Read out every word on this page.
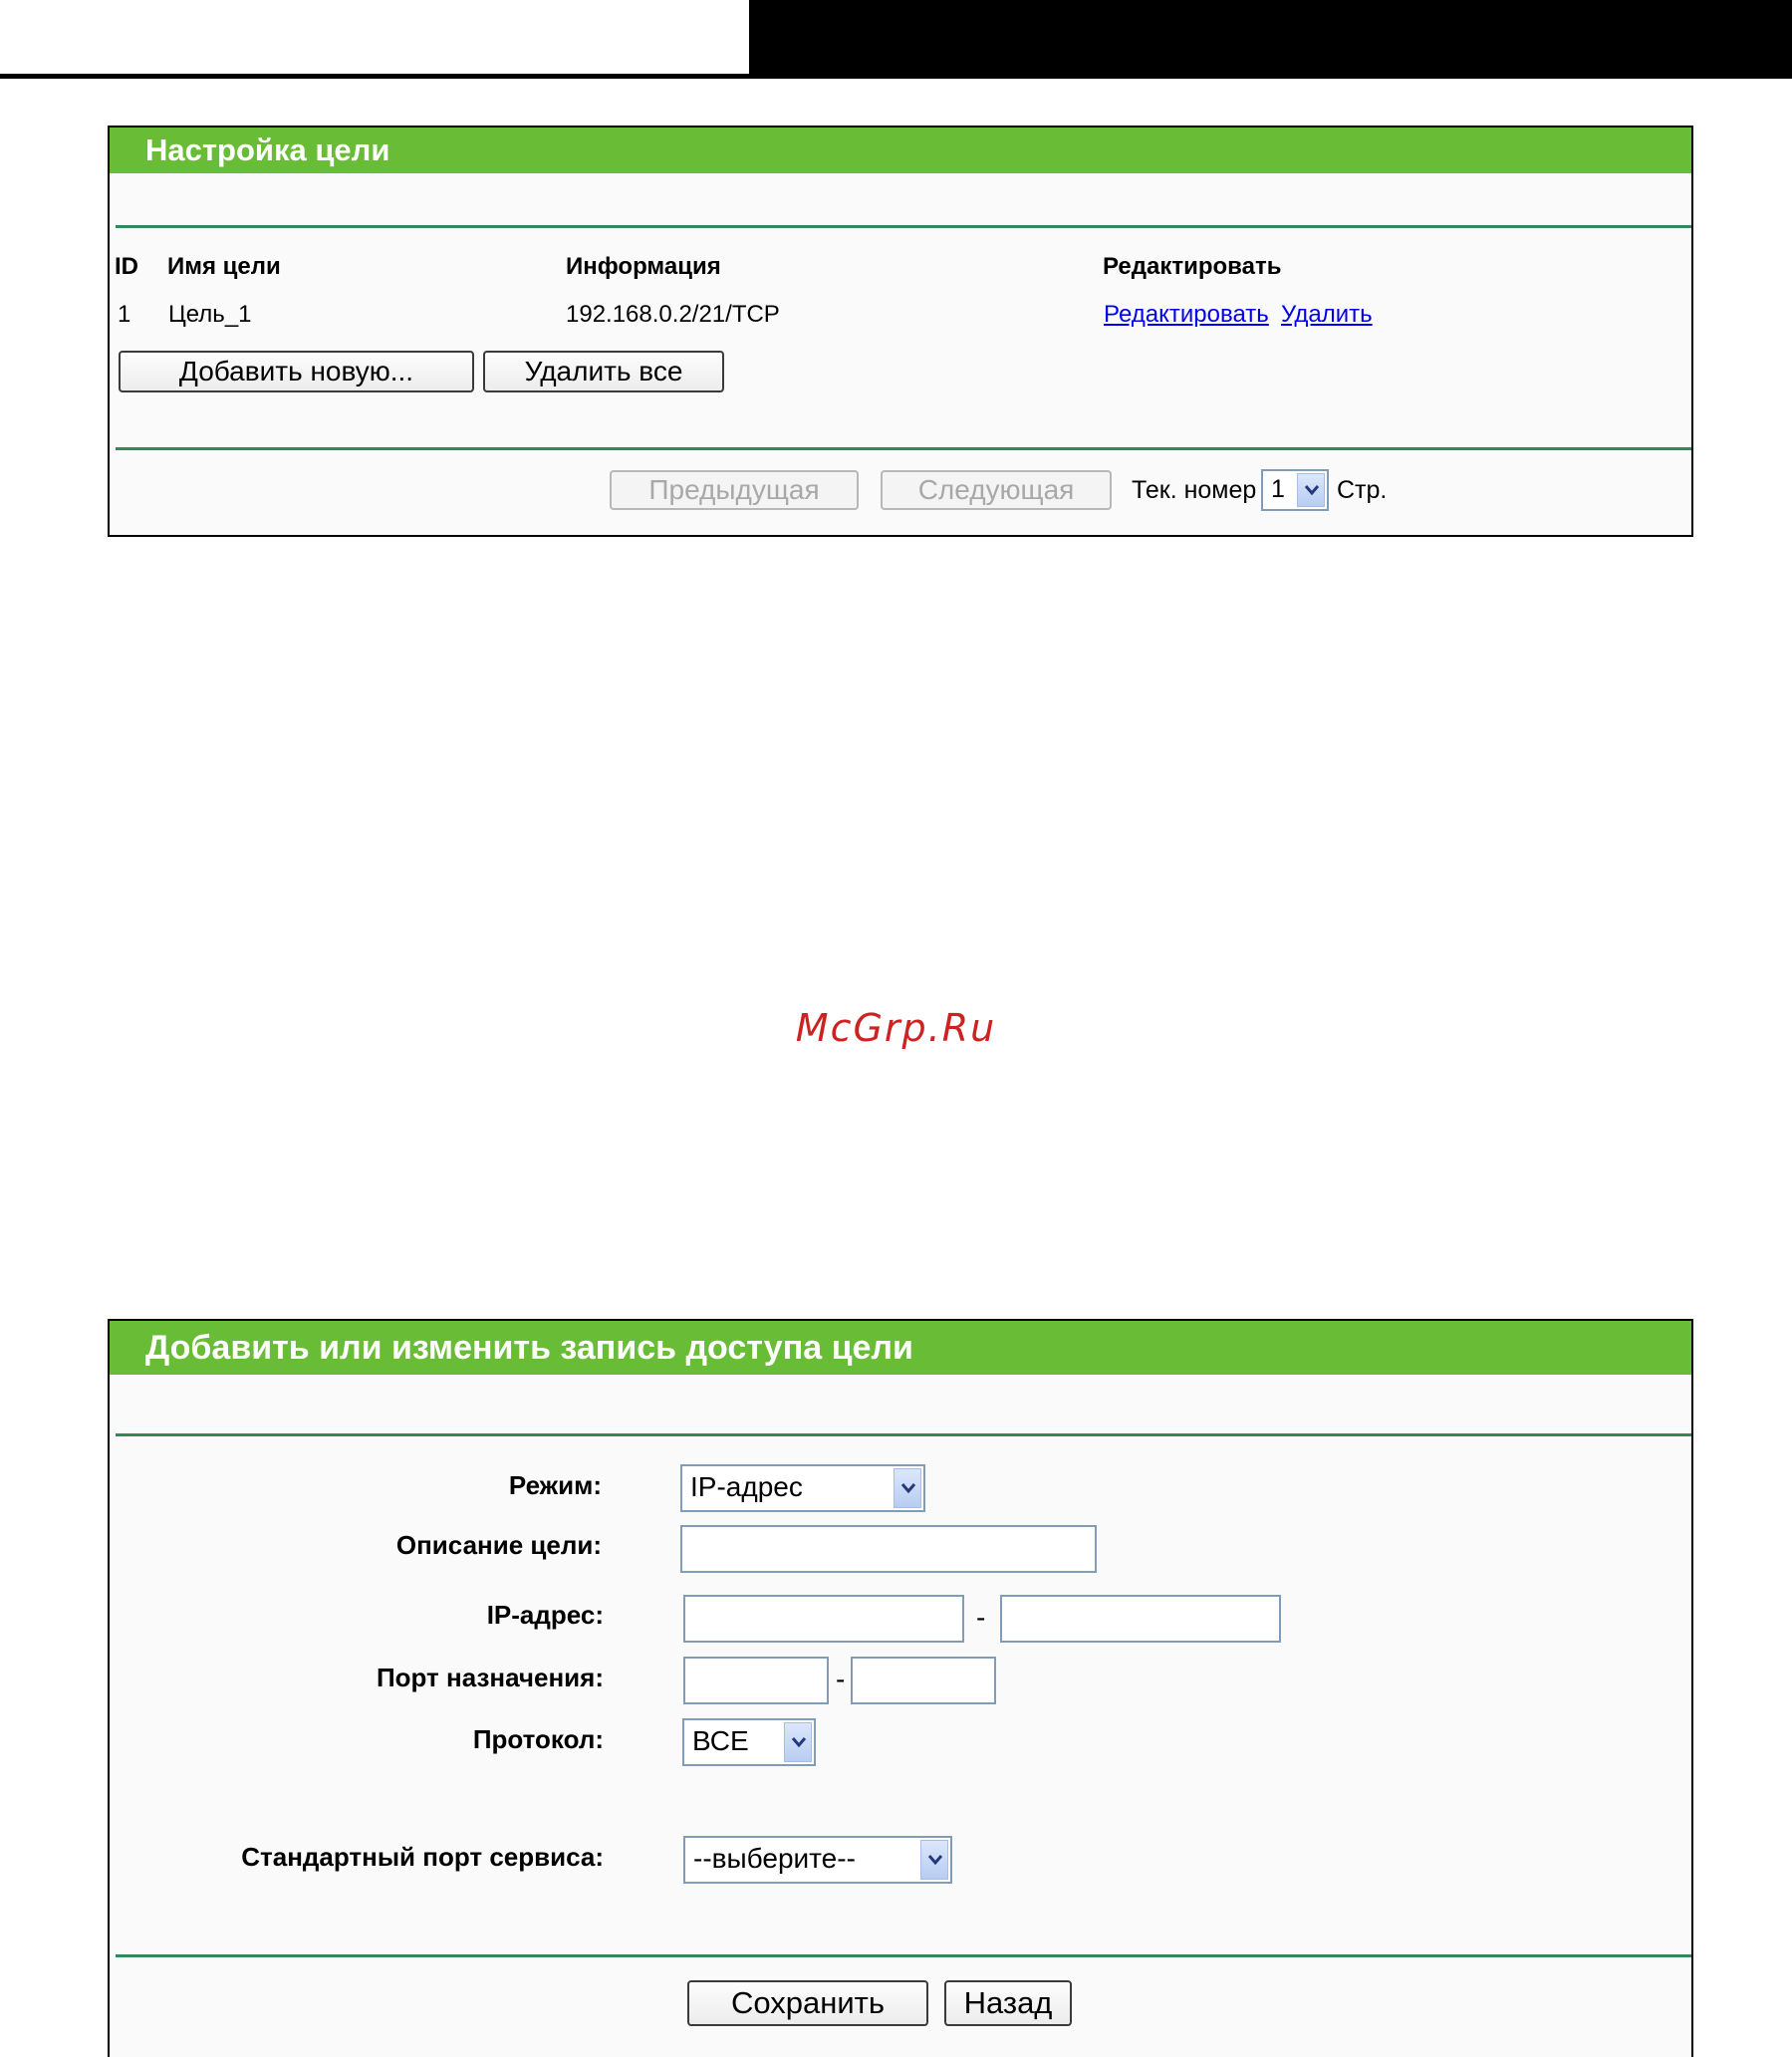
Настройка цели
ID Имя цели	Информация	Редактировать
1 Цель_1	192.168.0.2/21/TCP	Редактировать Удалить
Добавить новую...	Удалить все
Предыдущая	Следующая	Тек. номер 1	Стр.
McGrp.Ru
Добавить или изменить запись доступа цели
Режим:	IP-адрес
Описание цели:
IP-адрес:	-
Порт назначения:	-
Протокол:	ВСЕ
Стандартный порт сервиса:	--выберите--
Сохранить	Назад
